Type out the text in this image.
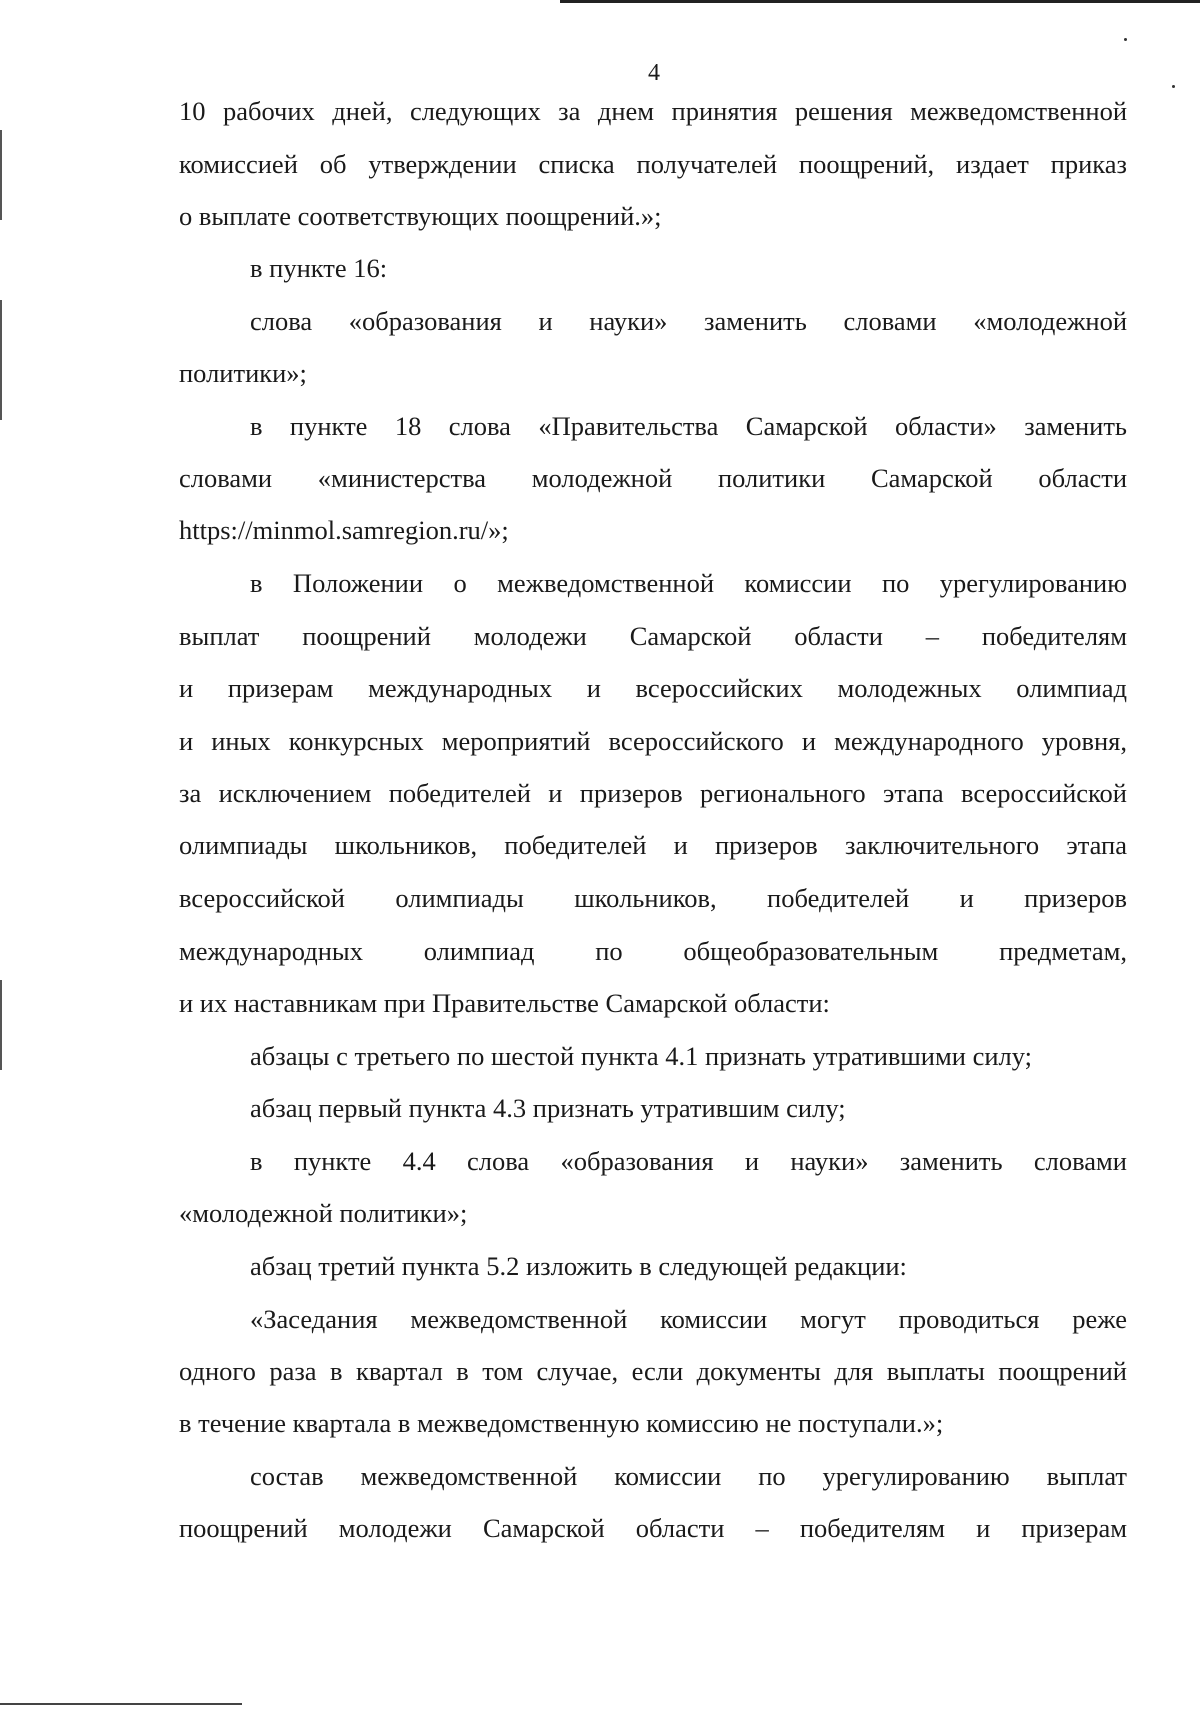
4
10 рабочих дней, следующих за днем принятия решения межведомственной
комиссией об утверждении списка получателей поощрений, издает приказ
о выплате соответствующих поощрений.»;
в пункте 16:
слова «образования и науки» заменить словами «молодежной
политики»;
в пункте 18 слова «Правительства Самарской области» заменить
словами «министерства молодежной политики Самарской области
https://minmol.samregion.ru/»;
в Положении о межведомственной комиссии по урегулированию
выплат поощрений молодежи Самарской области – победителям
и призерам международных и всероссийских молодежных олимпиад
и иных конкурсных мероприятий всероссийского и международного уровня,
за исключением победителей и призеров регионального этапа всероссийской
олимпиады школьников, победителей и призеров заключительного этапа
всероссийской олимпиады школьников, победителей и призеров
международных олимпиад по общеобразовательным предметам,
и их наставникам при Правительстве Самарской области:
абзацы с третьего по шестой пункта 4.1 признать утратившими силу;
абзац первый пункта 4.3 признать утратившим силу;
в пункте 4.4 слова «образования и науки» заменить словами
«молодежной политики»;
абзац третий пункта 5.2 изложить в следующей редакции:
«Заседания межведомственной комиссии могут проводиться реже
одного раза в квартал в том случае, если документы для выплаты поощрений
в течение квартала в межведомственную комиссию не поступали.»;
состав межведомственной комиссии по урегулированию выплат
поощрений молодежи Самарской области – победителям и призерам
